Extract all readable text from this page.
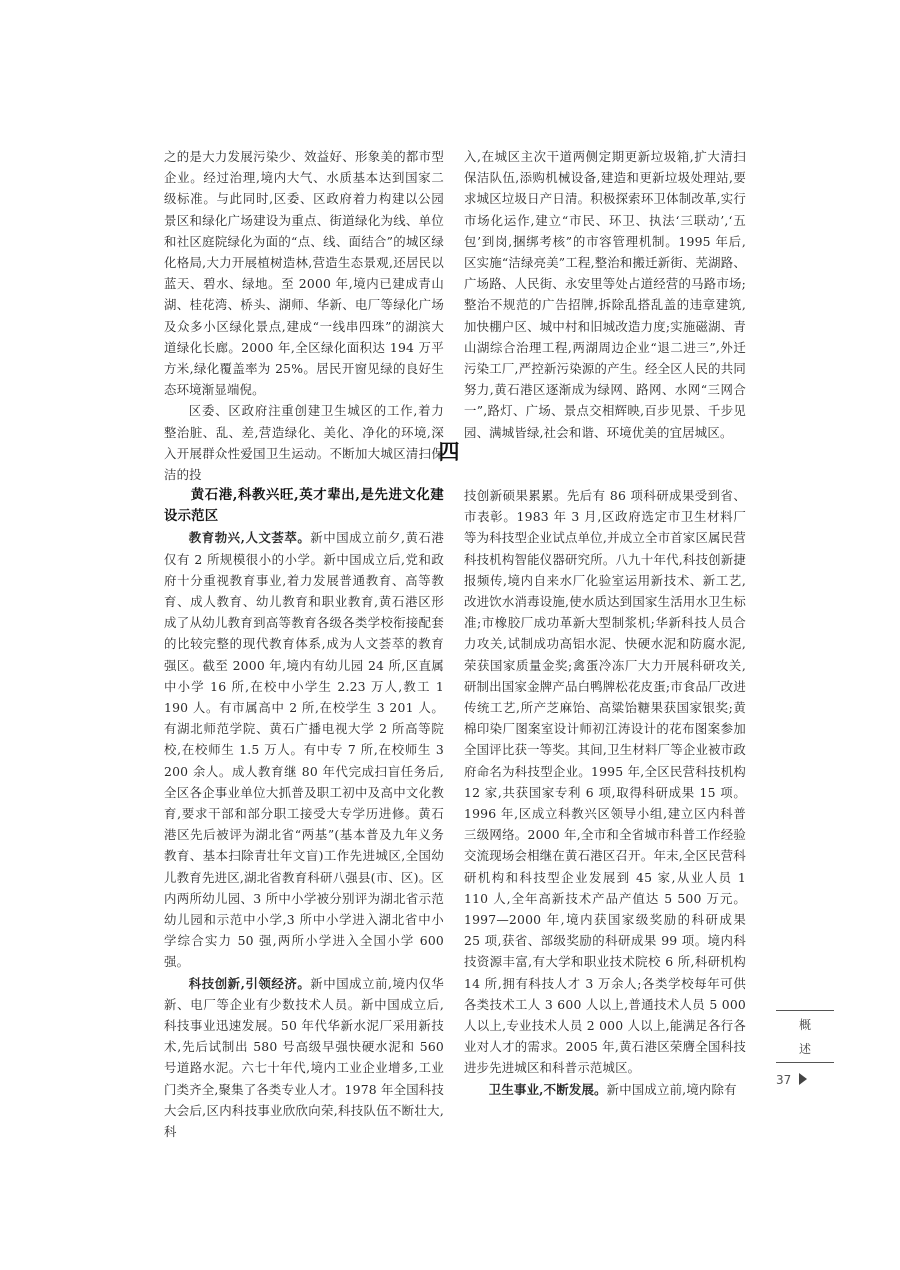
之的是大力发展污染少、效益好、形象美的都市型企业。经过治理,境内大气、水质基本达到国家二级标准。与此同时,区委、区政府着力构建以公园景区和绿化广场建设为重点、街道绿化为线、单位和社区庭院绿化为面的“点、线、面结合”的城区绿化格局,大力开展植树造林,营造生态景观,还居民以蓝天、碧水、绿地。至 2000 年,境内已建成青山湖、桂花湾、桥头、湖师、华新、电厂等绿化广场及众多小区绿化景点,建成“一线串四珠”的湖滨大道绿化长廊。2000 年,全区绿化面积达 194 万平方米,绿化覆盖率为 25%。居民开窗见绿的良好生态环境渐显端倪。

区委、区政府注重创建卫生城区的工作,着力整治脏、乱、差,营造绿化、美化、净化的环境,深入开展群众性爱国卫生运动。不断加大城区清扫保洁的投

入,在城区主次干道两侧定期更新垃圾箱,扩大清扫保洁队伍,添购机械设备,建造和更新垃圾处理站,要求城区垃圾日产日清。积极探索环卫体制改革,实行市场化运作,建立“市民、环卫、执法‘三联动’,‘五包’到岗,捆绑考核”的市容管理机制。1995 年后,区实施“洁绿亮美”工程,整治和搬迁新街、芜湖路、广场路、人民街、永安里等处占道经营的马路市场;整治不规范的广告招牌,拆除乱搭乱盖的违章建筑,加快棚户区、城中村和旧城改造力度;实施磁湖、青山湖综合治理工程,两湖周边企业“退二进三”,外迁污染工厂,严控新污染源的产生。经全区人民的共同努力,黄石港区逐渐成为绿网、路网、水网“三网合一”,路灯、广场、景点交相辉映,百步见景、千步见园、满城皆绿,社会和谐、环境优美的宜居城区。

四

黄石港,科教兴旺,英才辈出,是先进文化建设示范区

教育勃兴,人文荟萃。新中国成立前夕,黄石港仅有 2 所规模很小的小学。新中国成立后,党和政府十分重视教育事业,着力发展普通教育、高等教育、成人教育、幼儿教育和职业教育,黄石港区形成了从幼儿教育到高等教育各级各类学校衔接配套的比较完整的现代教育体系,成为人文荟萃的教育强区。截至 2000 年,境内有幼儿园 24 所,区直属中小学 16 所,在校中小学生 2.23 万人,教工 1 190 人。有市属高中 2 所,在校学生 3 201 人。有湖北师范学院、黄石广播电视大学 2 所高等院校,在校师生 1.5 万人。有中专 7 所,在校师生 3 200 余人。成人教育继 80 年代完成扫盲任务后,全区各企事业单位大抓普及职工初中及高中文化教育,要求干部和部分职工接受大专学历进修。黄石港区先后被评为湖北省“两基”(基本普及九年义务教育、基本扫除青壮年文盲)工作先进城区,全国幼儿教育先进区,湖北省教育科研八强县(市、区)。区内两所幼儿园、3 所中小学被分别评为湖北省示范幼儿园和示范中小学,3 所中小学进入湖北省中小学综合实力 50 强,两所小学进入全国小学 600 强。

科技创新,引领经济。新中国成立前,境内仅华新、电厂等企业有少数技术人员。新中国成立后,科技事业迅速发展。50 年代华新水泥厂采用新技术,先后试制出 580 号高级早强快硬水泥和 560 号道路水泥。六七十年代,境内工业企业增多,工业门类齐全,聚集了各类专业人才。1978 年全国科技大会后,区内科技事业欣欣向荣,科技队伍不断壮大,科

技创新硕果累累。先后有 86 项科研成果受到省、市表彰。1983 年 3 月,区政府选定市卫生材料厂等为科技型企业试点单位,并成立全市首家区属民营科技机构智能仪器研究所。八九十年代,科技创新捷报频传,境内自来水厂化验室运用新技术、新工艺,改进饮水消毒设施,使水质达到国家生活用水卫生标准;市橡胶厂成功革新大型制浆机;华新科技人员合力攻关,试制成功高铝水泥、快硬水泥和防腐水泥,荣获国家质量金奖;禽蛋冷冻厂大力开展科研攻关,研制出国家金牌产品白鸭牌松花皮蛋;市食品厂改进传统工艺,所产芝麻饴、高粱饴糖果获国家银奖;黄棉印染厂图案室设计师初江涛设计的花布图案参加全国评比获一等奖。其间,卫生材料厂等企业被市政府命名为科技型企业。1995 年,全区民营科技机构 12 家,共获国家专利 6 项,取得科研成果 15 项。1996 年,区成立科教兴区领导小组,建立区内科普三级网络。2000 年,全市和全省城市科普工作经验交流现场会相继在黄石港区召开。年末,全区民营科研机构和科技型企业发展到 45 家,从业人员 1 110 人,全年高新技术产品产值达 5 500 万元。1997—2000 年,境内获国家级奖励的科研成果 25 项,获省、部级奖励的科研成果 99 项。境内科技资源丰富,有大学和职业技术院校 6 所,科研机构 14 所,拥有科技人才 3 万余人;各类学校每年可供各类技术工人 3 600 人以上,普通技术人员 5 000 人以上,专业技术人员 2 000 人以上,能满足各行各业对人才的需求。2005 年,黄石港区荣膺全国科技进步先进城区和科普示范城区。

卫生事业,不断发展。新中国成立前,境内除有

概
述
37
